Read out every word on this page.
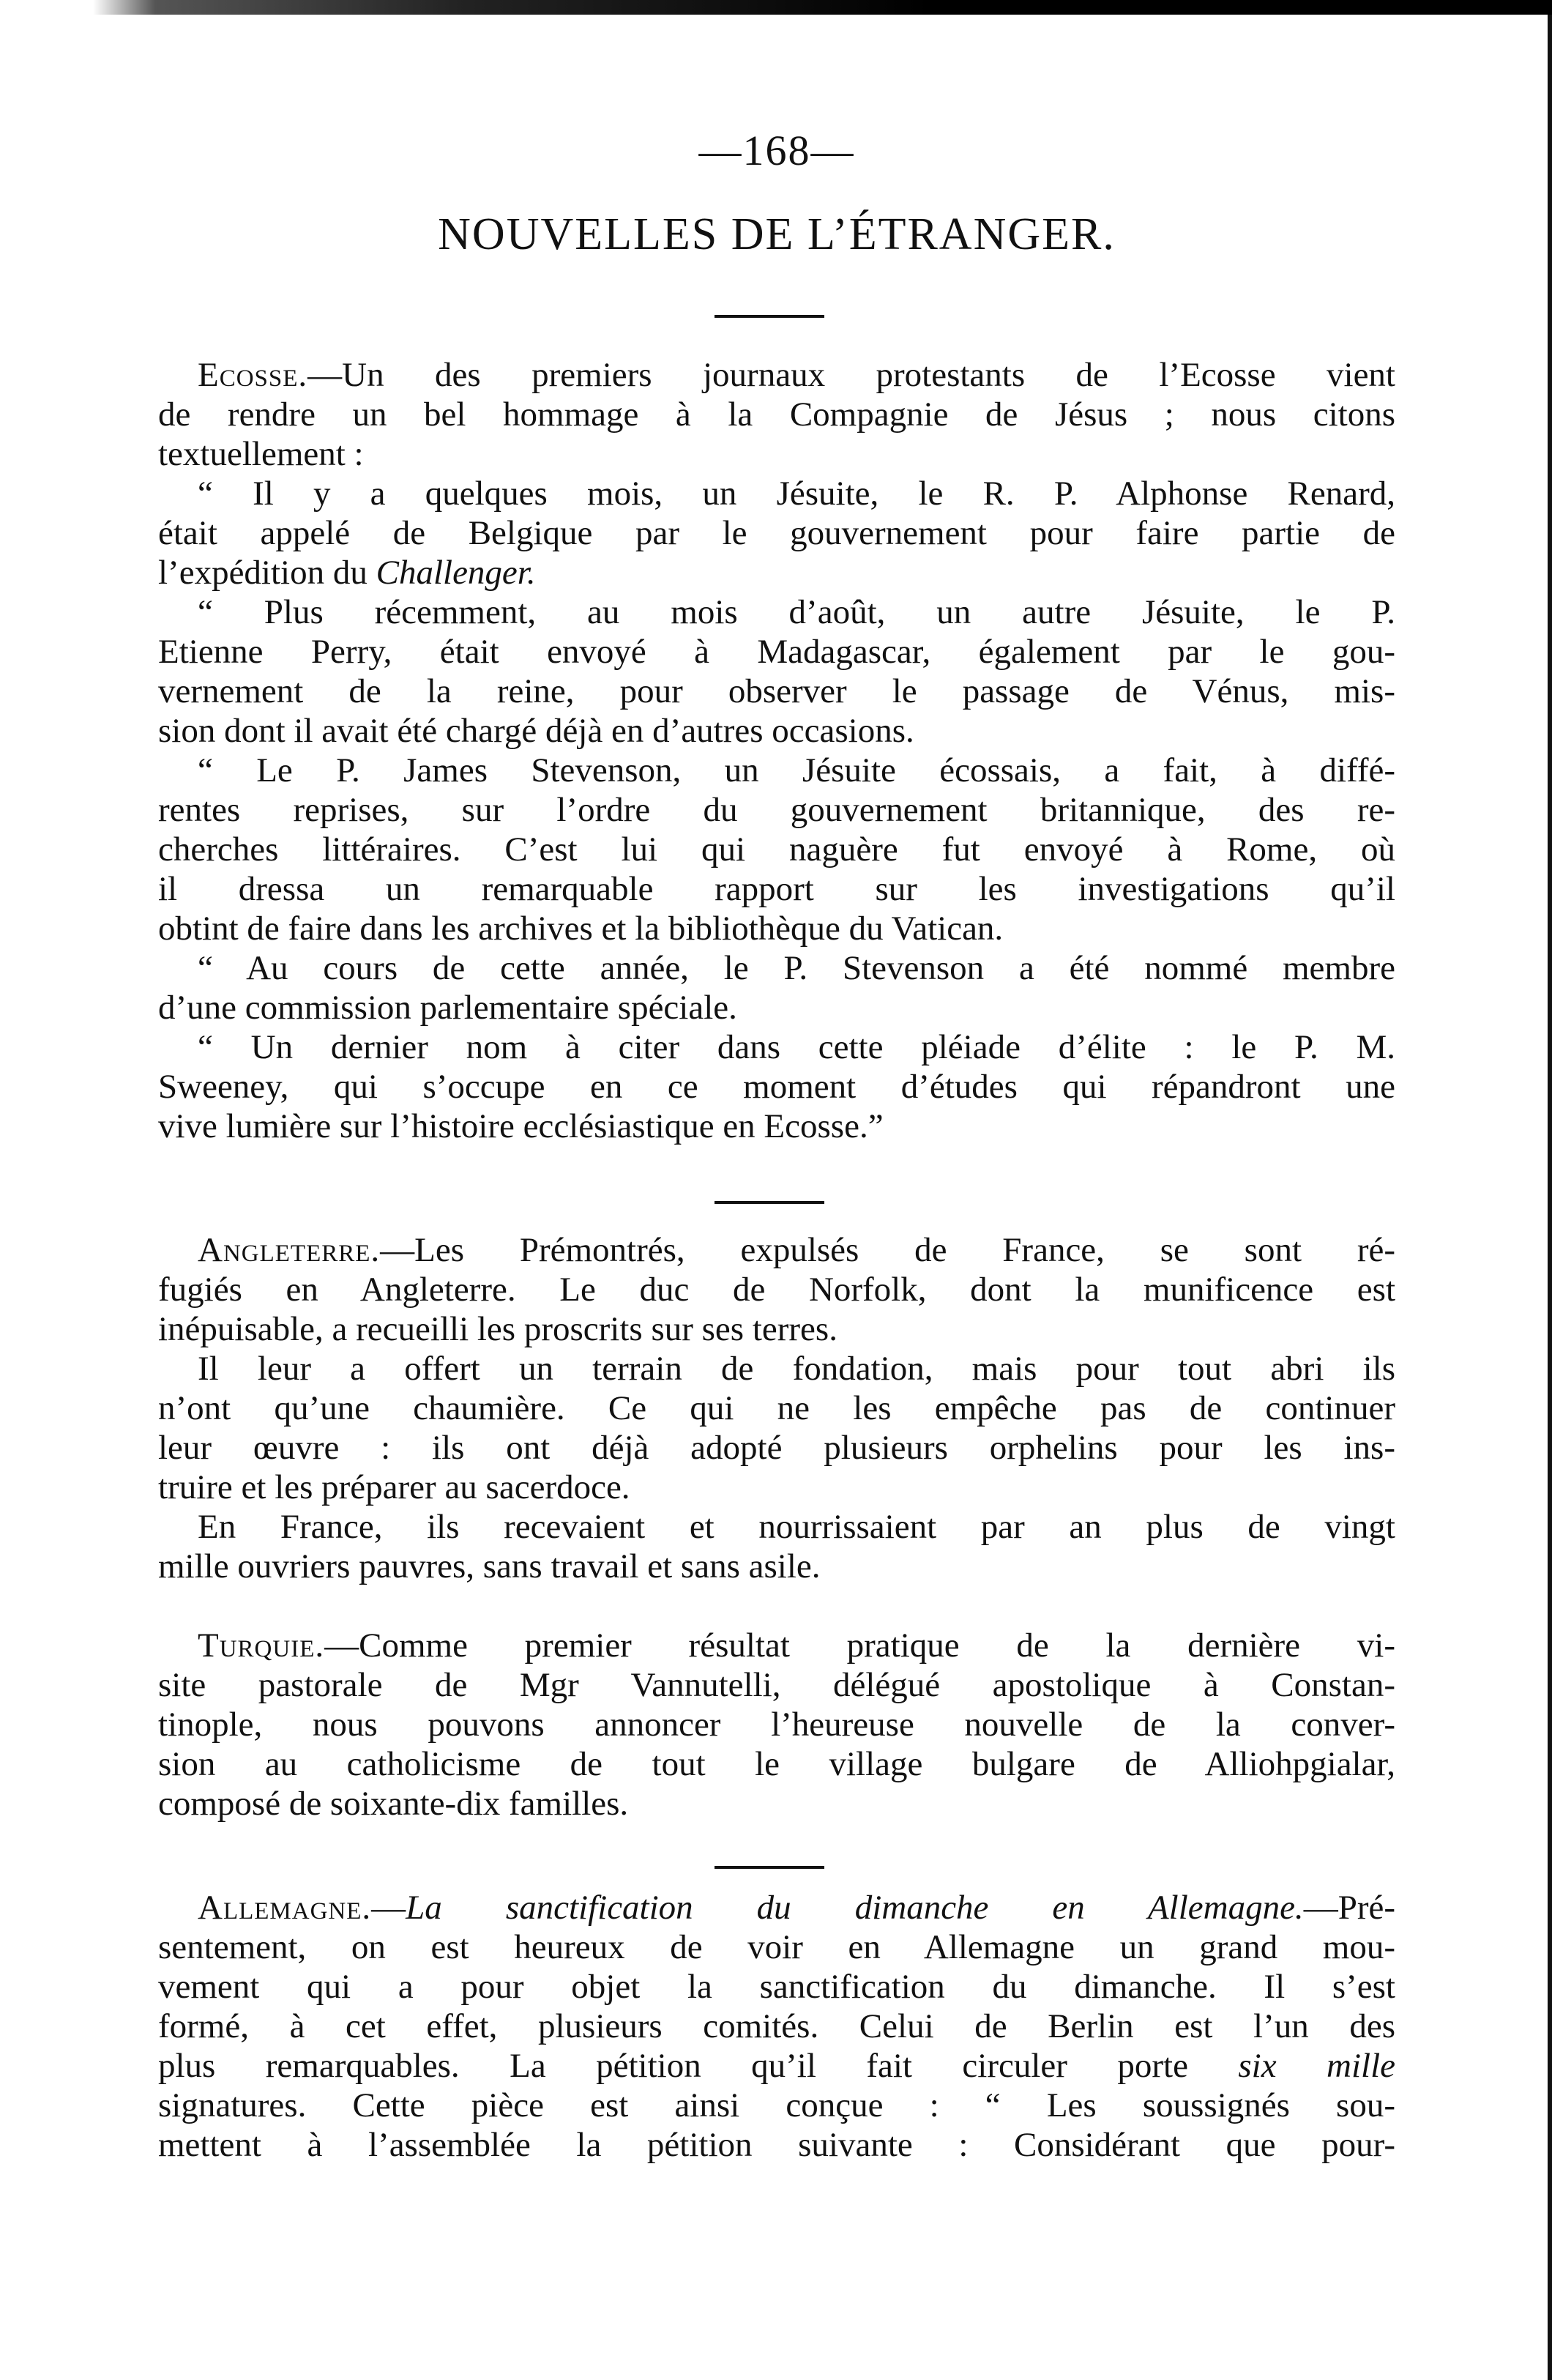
—168—
NOUVELLES DE L’ÉTRANGER.
Ecosse.—Un des premiers journaux protestants de l’Ecosse vient
de rendre un bel hommage à la Compagnie de Jésus ; nous citons
textuellement :
“ Il y a quelques mois, un Jésuite, le R. P. Alphonse Renard,
était appelé de Belgique par le gouvernement pour faire partie de
l’expédition du Challenger.
“ Plus récemment, au mois d’août, un autre Jésuite, le P.
Etienne Perry, était envoyé à Madagascar, également par le gou-
vernement de la reine, pour observer le passage de Vénus, mis-
sion dont il avait été chargé déjà en d’autres occasions.
“ Le P. James Stevenson, un Jésuite écossais, a fait, à diffé-
rentes reprises, sur l’ordre du gouvernement britannique, des re-
cherches littéraires. C’est lui qui naguère fut envoyé à Rome, où
il dressa un remarquable rapport sur les investigations qu’il
obtint de faire dans les archives et la bibliothèque du Vatican.
“ Au cours de cette année, le P. Stevenson a été nommé membre
d’une commission parlementaire spéciale.
“ Un dernier nom à citer dans cette pléiade d’élite : le P. M.
Sweeney, qui s’occupe en ce moment d’études qui répandront une
vive lumière sur l’histoire ecclésiastique en Ecosse.”
Angleterre.—Les Prémontrés, expulsés de France, se sont ré-
fugiés en Angleterre. Le duc de Norfolk, dont la munificence est
inépuisable, a recueilli les proscrits sur ses terres.
Il leur a offert un terrain de fondation, mais pour tout abri ils
n’ont qu’une chaumière. Ce qui ne les empêche pas de continuer
leur œuvre : ils ont déjà adopté plusieurs orphelins pour les ins-
truire et les préparer au sacerdoce.
En France, ils recevaient et nourrissaient par an plus de vingt
mille ouvriers pauvres, sans travail et sans asile.
Turquie.—Comme premier résultat pratique de la dernière vi-
site pastorale de Mgr Vannutelli, délégué apostolique à Constan-
tinople, nous pouvons annoncer l’heureuse nouvelle de la conver-
sion au catholicisme de tout le village bulgare de Alliohpgialar,
composé de soixante-dix familles.
Allemagne.—La sanctification du dimanche en Allemagne.—Pré-
sentement, on est heureux de voir en Allemagne un grand mou-
vement qui a pour objet la sanctification du dimanche. Il s’est
formé, à cet effet, plusieurs comités. Celui de Berlin est l’un des
plus remarquables. La pétition qu’il fait circuler porte six mille
signatures. Cette pièce est ainsi conçue : “ Les soussignés sou-
mettent à l’assemblée la pétition suivante : Considérant que pour-
